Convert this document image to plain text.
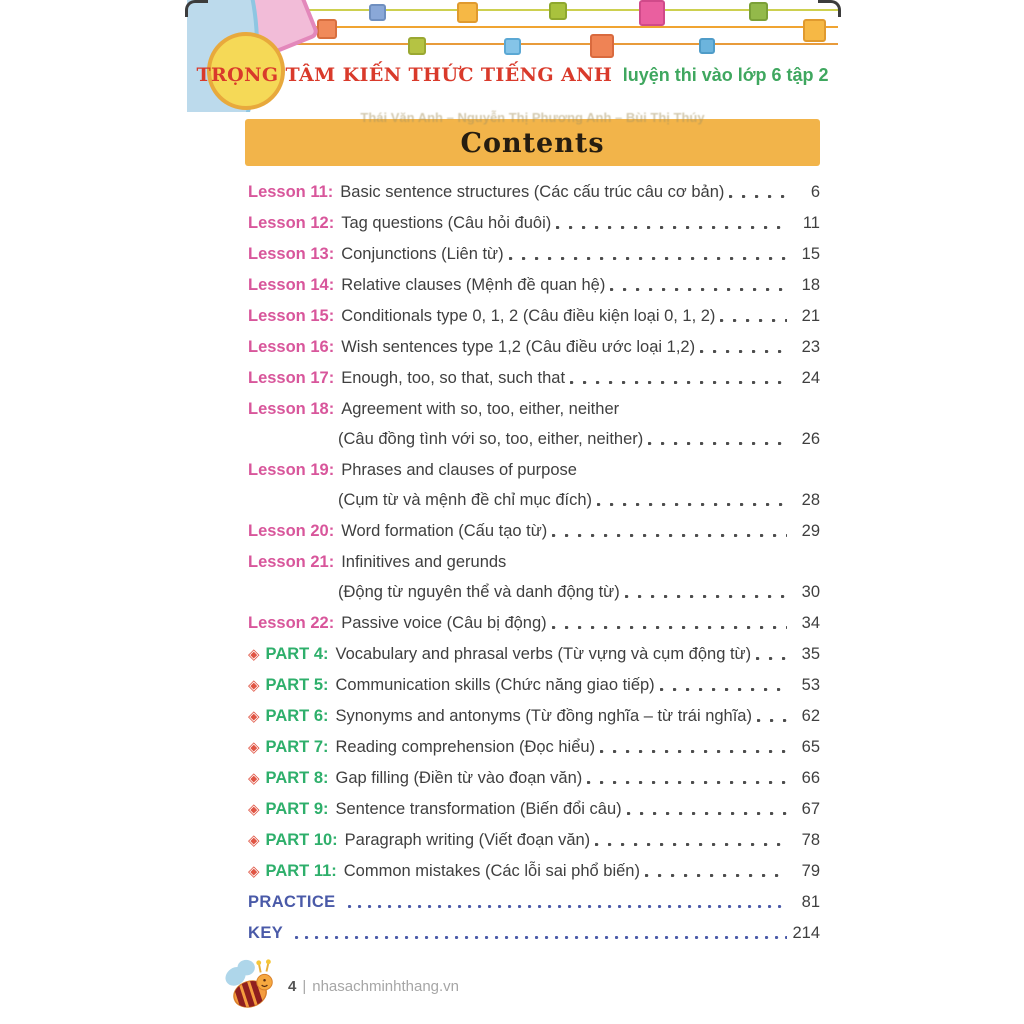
TRỌNG TÂM KIẾN THỨC TIẾNG ANH luyện thi vào lớp 6 tập 2
Thái Văn Anh – Nguyễn Thị Phương Anh – Bùi Thị Thúy
Contents
Lesson 11: Basic sentence structures (Các cấu trúc câu cơ bản)	6
Lesson 12: Tag questions (Câu hỏi đuôi)	11
Lesson 13: Conjunctions (Liên từ)	15
Lesson 14: Relative clauses (Mệnh đề quan hệ)	18
Lesson 15: Conditionals type 0, 1, 2 (Câu điều kiện loại 0, 1, 2)	21
Lesson 16: Wish sentences type 1,2 (Câu điều ước loại 1,2)	23
Lesson 17: Enough, too, so that, such that	24
Lesson 18: Agreement with so, too, either, neither
(Câu đồng tình với so, too, either, neither)	26
Lesson 19: Phrases and clauses of purpose
(Cụm từ và mệnh đề chỉ mục đích)	28
Lesson 20: Word formation (Cấu tạo từ)	29
Lesson 21: Infinitives and gerunds
(Động từ nguyên thể và danh động từ)	30
Lesson 22: Passive voice (Câu bị động)	34
◈ PART 4: Vocabulary and phrasal verbs (Từ vựng và cụm động từ)	35
◈ PART 5: Communication skills (Chức năng giao tiếp)	53
◈ PART 6: Synonyms and antonyms (Từ đồng nghĩa – từ trái nghĩa)	62
◈ PART 7: Reading comprehension (Đọc hiểu)	65
◈ PART 8: Gap filling (Điền từ vào đoạn văn)	66
◈ PART 9: Sentence transformation (Biến đổi câu)	67
◈ PART 10: Paragraph writing (Viết đoạn văn)	78
◈ PART 11: Common mistakes (Các lỗi sai phổ biến)	79
PRACTICE	81
KEY	214
4 | nhasachminhthang.vn
